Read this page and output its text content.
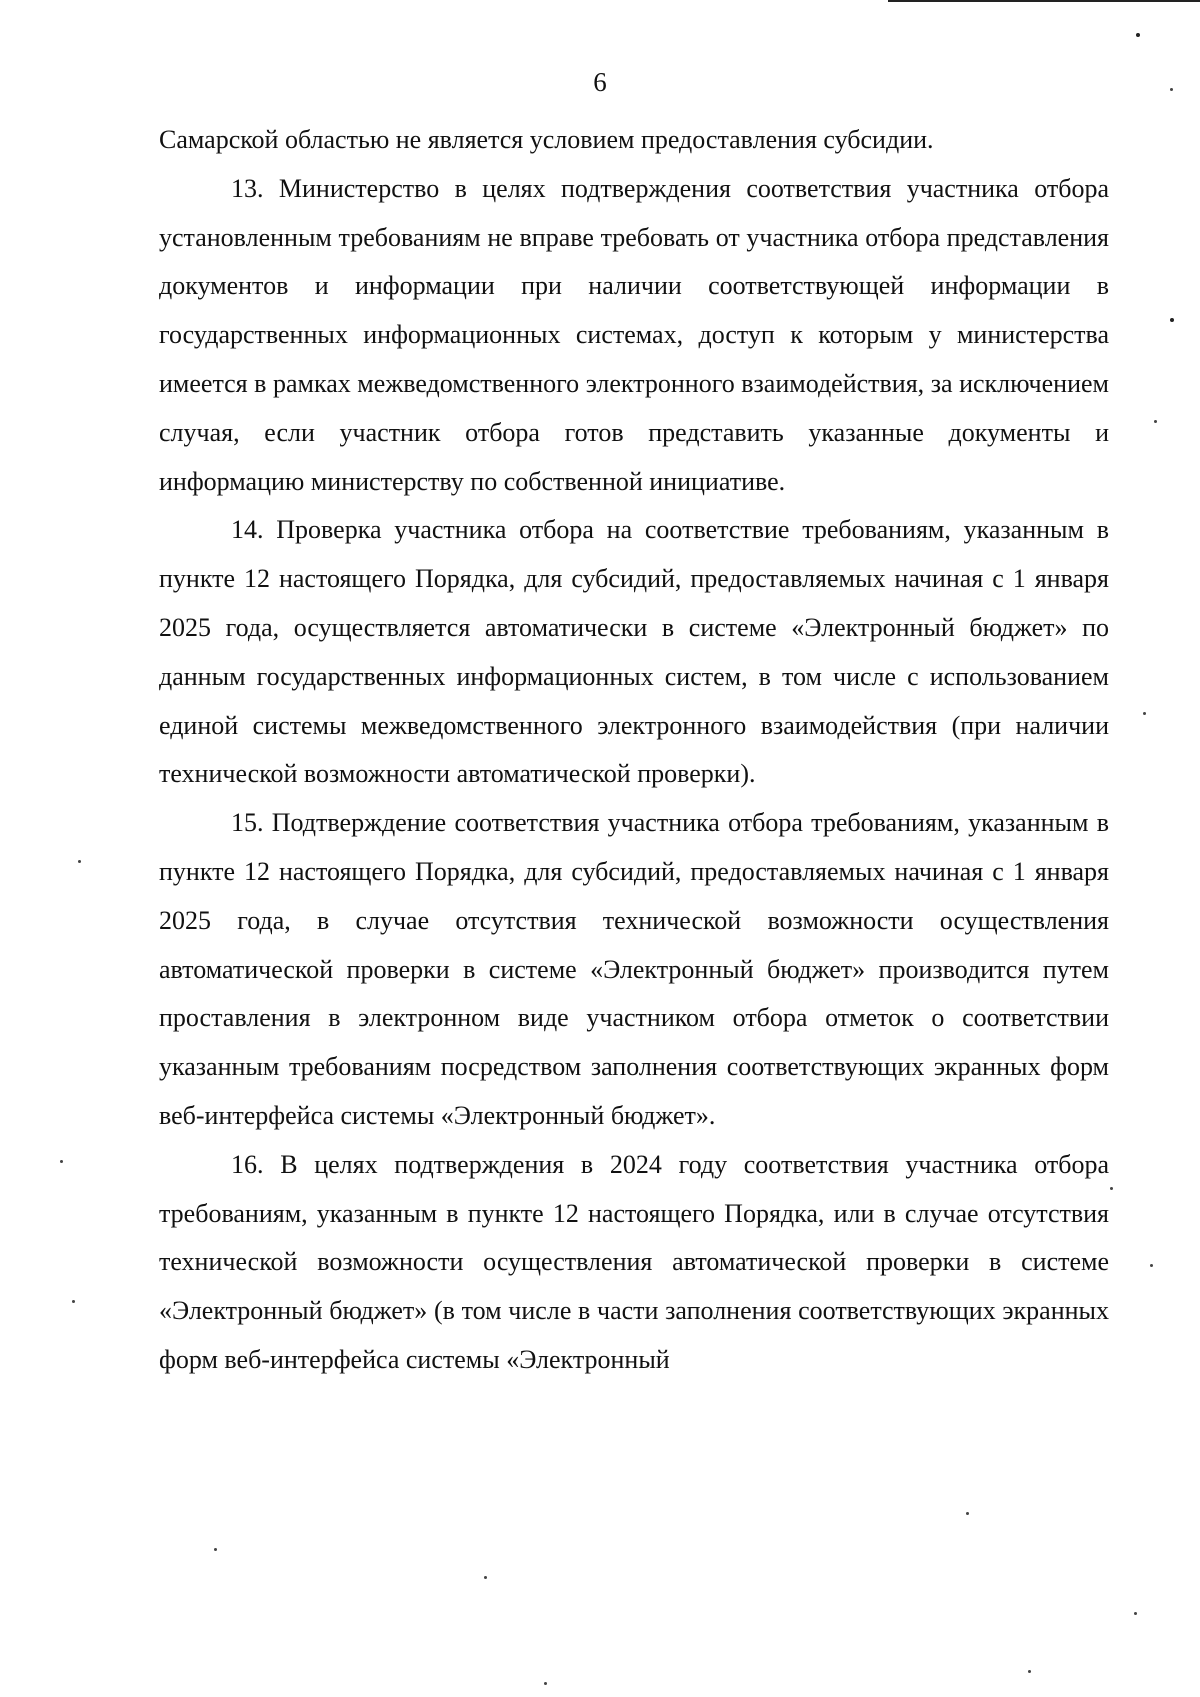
6

Самарской областью не является условием предоставления субсидии.

13. Министерство в целях подтверждения соответствия участника отбора установленным требованиям не вправе требовать от участника отбора представления документов и информации при наличии соответствующей информации в государственных информационных системах, доступ к которым у министерства имеется в рамках межведомственного электронного взаимодействия, за исключением случая, если участник отбора готов представить указанные документы и информацию министерству по собственной инициативе.

14. Проверка участника отбора на соответствие требованиям, указанным в пункте 12 настоящего Порядка, для субсидий, предоставляемых начиная с 1 января 2025 года, осуществляется автоматически в системе «Электронный бюджет» по данным государственных информационных систем, в том числе с использованием единой системы межведомственного электронного взаимодействия (при наличии технической возможности автоматической проверки).

15. Подтверждение соответствия участника отбора требованиям, указанным в пункте 12 настоящего Порядка, для субсидий, предоставляемых начиная с 1 января 2025 года, в случае отсутствия технической возможности осуществления автоматической проверки в системе «Электронный бюджет» производится путем проставления в электронном виде участником отбора отметок о соответствии указанным требованиям посредством заполнения соответствующих экранных форм веб-интерфейса системы «Электронный бюджет».

16. В целях подтверждения в 2024 году соответствия участника отбора требованиям, указанным в пункте 12 настоящего Порядка, или в случае отсутствия технической возможности осуществления автоматической проверки в системе «Электронный бюджет» (в том числе в части заполнения соответствующих экранных форм веб-интерфейса системы «Электронный
